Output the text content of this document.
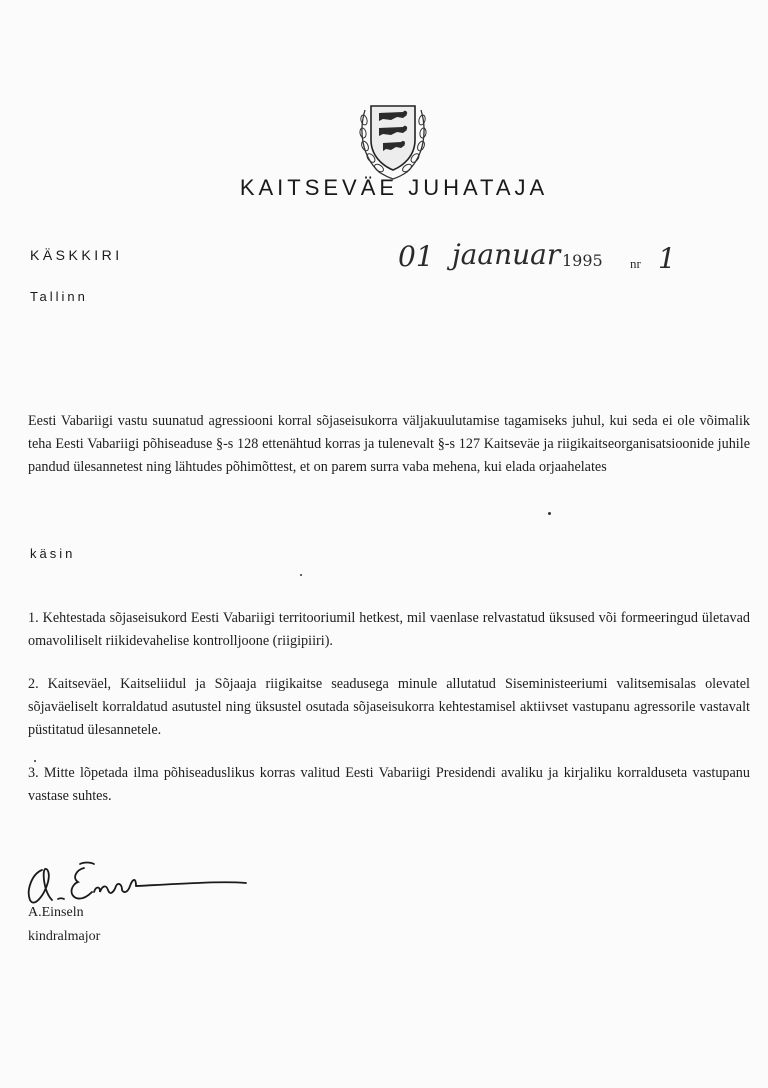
KAITSEVÄE JUHATAJA
KÄSKKIRI	01 jaanuar 1995 nr 1
Tallinn
Eesti Vabariigi vastu suunatud agressiooni korral sõjaseisukorra väljakuulutamise tagamiseks juhul, kui seda ei ole võimalik teha Eesti Vabariigi põhiseaduse §-s 128 ettenähtud korras ja tulenevalt §-s 127 Kaitseväe ja riigikaitseorganisatsioonide juhile pandud ülesannetest ning lähtudes põhimõttest, et on parem surra vaba mehena, kui elada orjaahelates
käsin
1. Kehtestada sõjaseisukord Eesti Vabariigi territooriumil hetkest, mil vaenlase relvastatud üksused või formeeringud ületavad omavoliliselt riikidevahelise kontrolljoone (riigipiiri).
2. Kaitseväel, Kaitseliidul ja Sõjaaja riigikaitse seadusega minule allutatud Siseministeeriumi valitsemisalas olevatel sõjaväeliselt korraldatud asutustel ning üksustel osutada sõjaseisukorra kehtestamisel aktiivset vastupanu agressorile vastavalt püstitatud ülesannetele.
3. Mitte lõpetada ilma põhiseaduslikus korras valitud Eesti Vabariigi Presidendi avaliku ja kirjaliku korralduseta vastupanu vastase suhtes.
A.Einseln
kindralmajor
